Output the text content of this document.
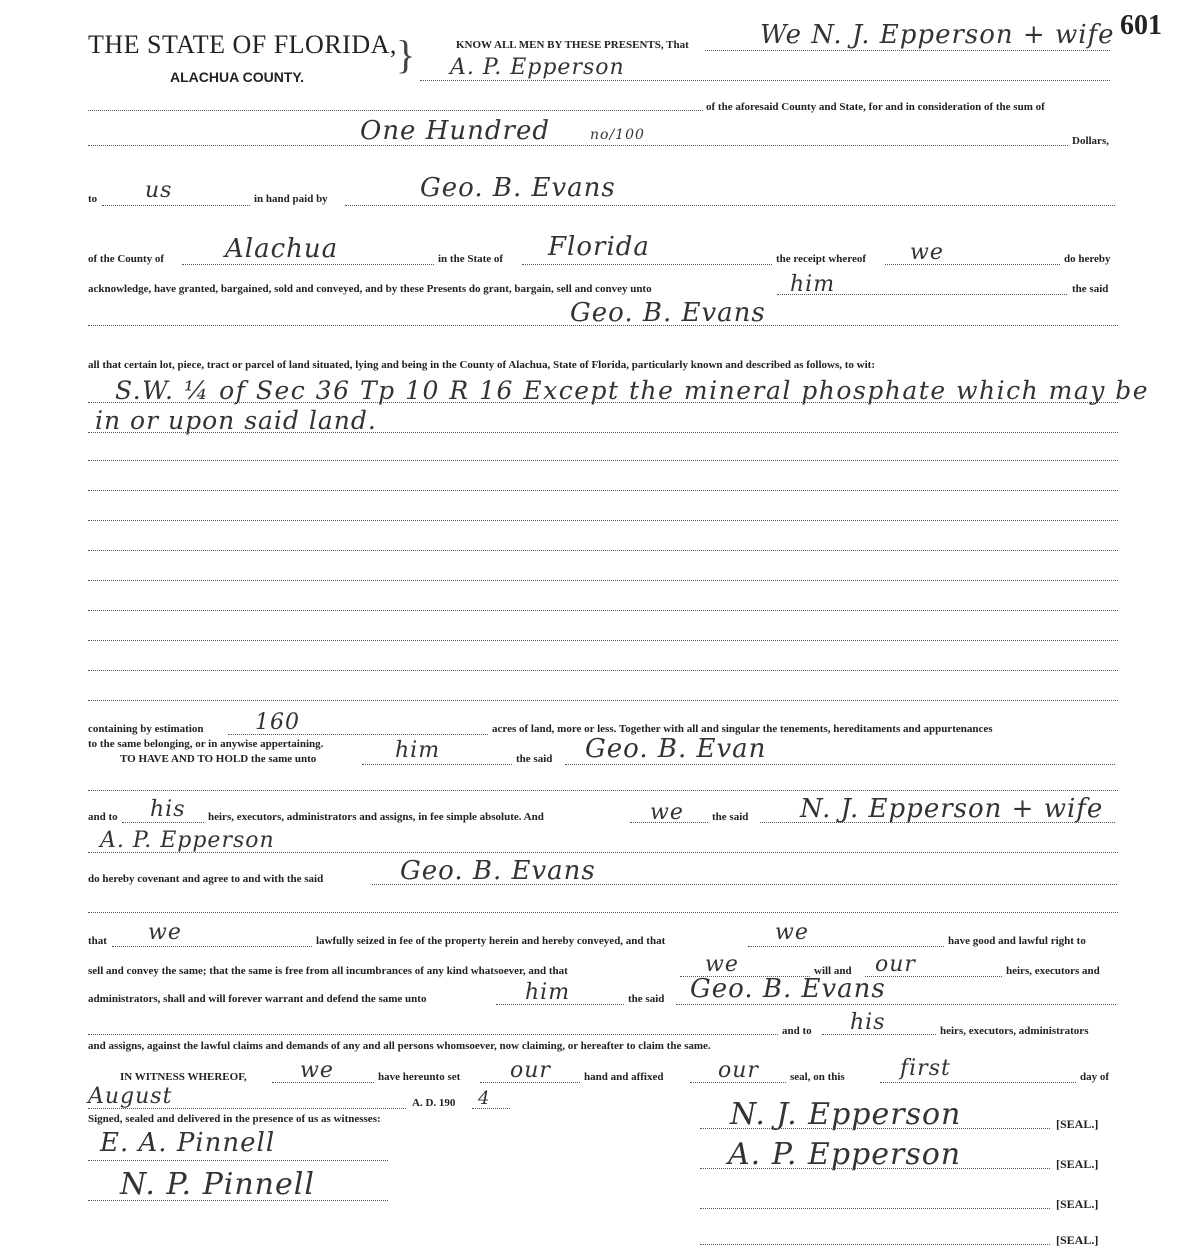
THE STATE OF FLORIDA,
ALACHUA COUNTY. }
601
KNOW ALL MEN BY THESE PRESENTS, That	We N. J. Epperson + wife
A. P. Epperson
of the aforesaid County and State, for and in consideration of the sum of
One Hundred	no/100	Dollars,
to us	in hand paid by	Geo. B. Evans
of the County of Alachua	in the State of Florida	the receipt whereof we	do hereby
acknowledge, have granted, bargained, sold and conveyed, and by these Presents do grant, bargain, sell and convey unto	him	the said
Geo. B. Evans
all that certain lot, piece, tract or parcel of land situated, lying and being in the County of Alachua, State of Florida, particularly known and described as follows, to wit:
S.W. ¼ of Sec 36 Tp 10 R 16 Except the mineral phosphate which may be
in or upon said land.
containing by estimation 160	acres of land, more or less. Together with all and singular the tenements, hereditaments and appurtenances
to the same belonging, or in anywise appertaining.
TO HAVE AND TO HOLD the same unto	him	the said Geo. B. Evan
and to his heirs, executors, administrators and assigns, in fee simple absolute. And	we	the said N. J. Epperson + wife
A. P. Epperson
do hereby covenant and agree to and with the said	Geo. B. Evans
that we	lawfully seized in fee of the property herein and hereby conveyed, and that	we	have good and lawful right to
sell and convey the same; that the same is free from all incumbrances of any kind whatsoever, and that	we	will and our	heirs, executors and
administrators, shall and will forever warrant and defend the same unto	him	the said Geo. B. Evans
and to his	heirs, executors, administrators
and assigns, against the lawful claims and demands of any and all persons whomsoever, now claiming, or hereafter to claim the same.
IN WITNESS WHEREOF, we	have hereunto set our	hand and affixed our	seal, on this	first	day of
August	A. D. 190 4
Signed, sealed and delivered in the presence of us as witnesses:
E. A. Pinnell
N. P. Pinnell
N. J. Epperson	[SEAL.]
A. P. Epperson	[SEAL.]
[SEAL.]
[SEAL.]
